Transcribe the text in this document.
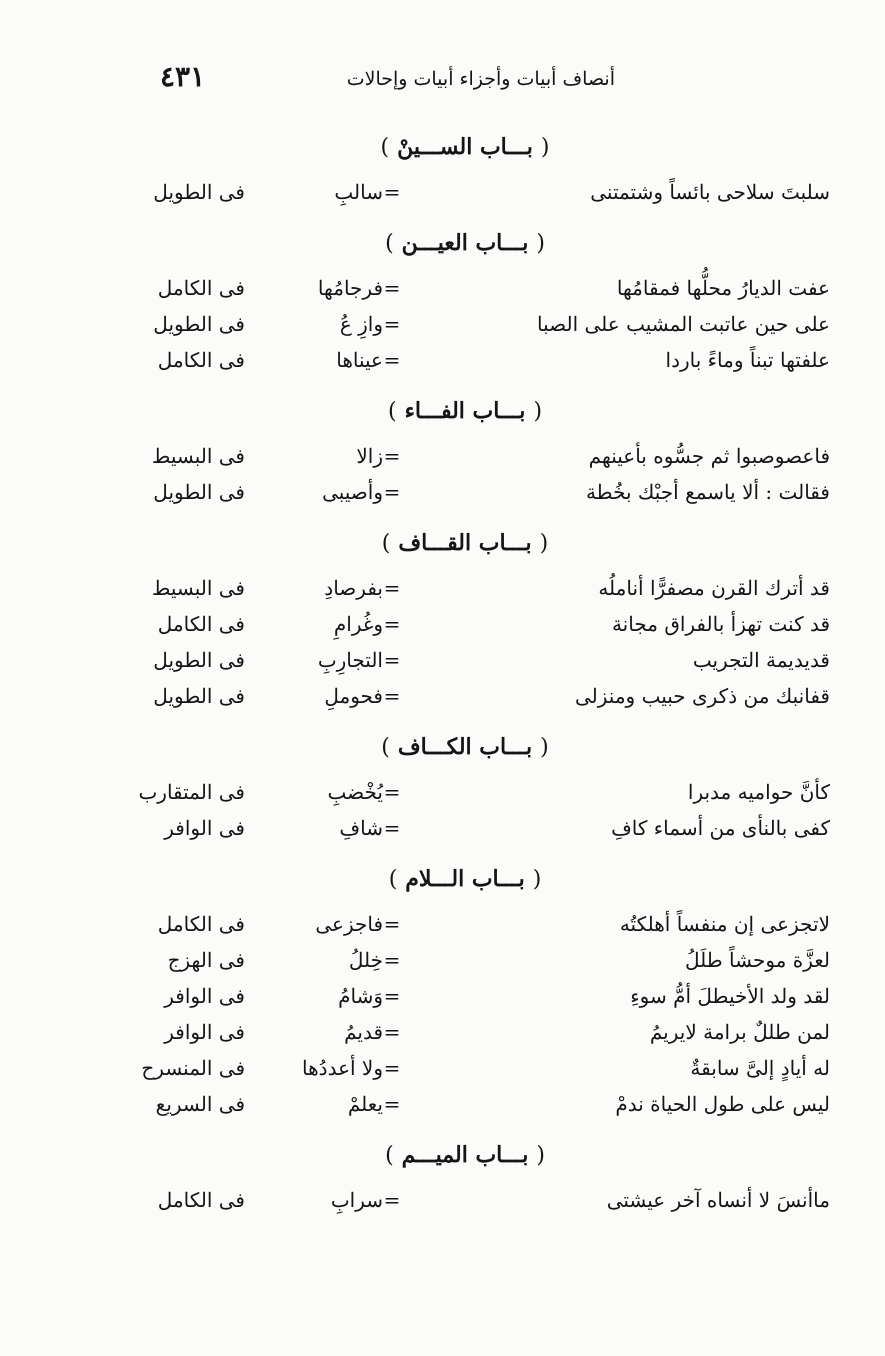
٤٣١	أنصاف أبيات وأجزاء أبيات وإحالات
(بـــاب الســـينْ)
سلبتَ سلاحى بائساً وشتمتنى
=
سالبِ
فى الطويل
(بـــاب العيـــن)
عفت الديارُ محلُّها فمقامُها
=
فرجامُها
فى الكامل
على حين عاتبت المشيب على الصبا
=
وازِ عُ
فى الطويل
علفتها تبناً وماءً باردا
=
عيناها
فى الكامل
(بـــاب الفـــاء)
فاعصوصبوا ثم جسُّوه بأعينهم
=
زالا
فى البسيط
فقالت : ألا ياسمع أجبْك بخُطة
=
وأصيبى
فى الطويل
(بـــاب القـــاف)
قد أترك القرن مصفرًّا أناملُه
=
بفرصادِ
فى البسيط
قد كنت تهزأ بالفراق مجانة
=
وغُرامِ
فى الكامل
قديديمة التجريب
=
التجارِبِ
فى الطويل
قفانبك من ذكرى حبيب ومنزلى
=
فحوملِ
فى الطويل
(بـــاب الكـــاف)
كأنَّ حواميه مدبرا
=
يُخْضبِ
فى المتقارب
كفى بالنأى من أسماء كافِ
=
شافِ
فى الوافر
(بـــاب الـــلام)
لاتجزعى إن منفساً أهلكتُه
=
فاجزعى
فى الكامل
لعزَّة موحشاً طلَلُ
=
خِللُ
فى الهزج
لقد ولد الأخيطلَ أمُّ سوءِ
=
وَشامُ
فى الوافر
لمن طللٌ برامة لايريمُ
=
قديمُ
فى الوافر
له أيادٍ إلىَّ سابقةٌ
=
ولا أعددُها
فى المنسرح
ليس على طول الحياة ندمْ
=
يعلمْ
فى السريع
(بـــاب الميـــم)
ماأنسَ لا أنساه آخر عيشتى
=
سرابِ
فى الكامل
